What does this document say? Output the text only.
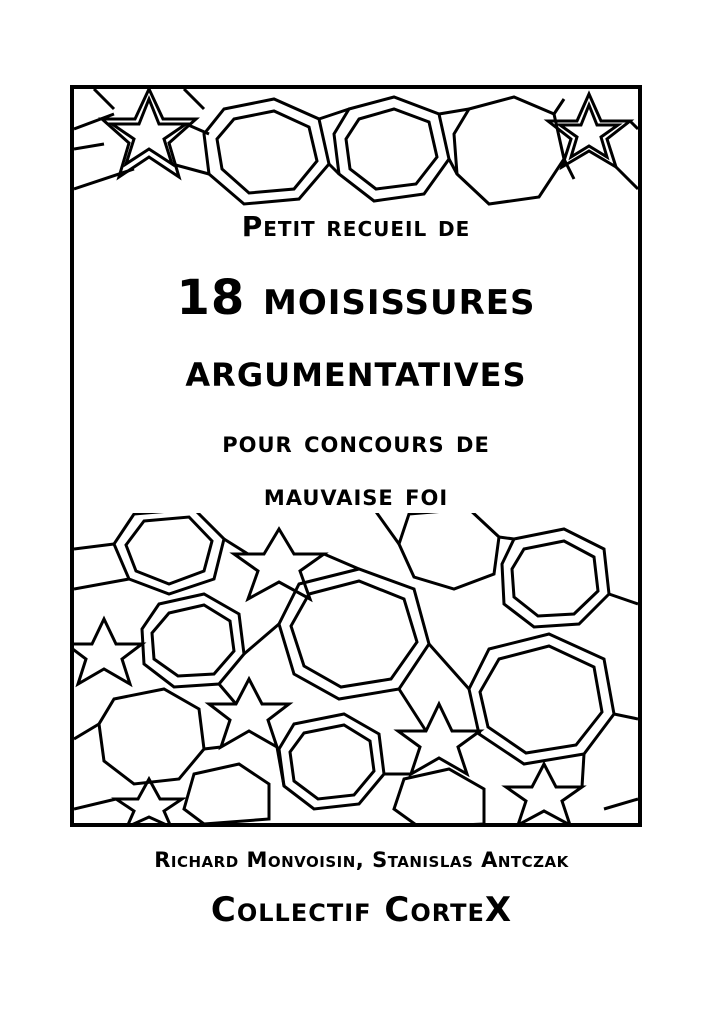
Petit recueil de
18 moisissures
argumentatives
pour concours de
mauvaise foi
Richard Monvoisin, Stanislas Antczak
Collectif CorteX
